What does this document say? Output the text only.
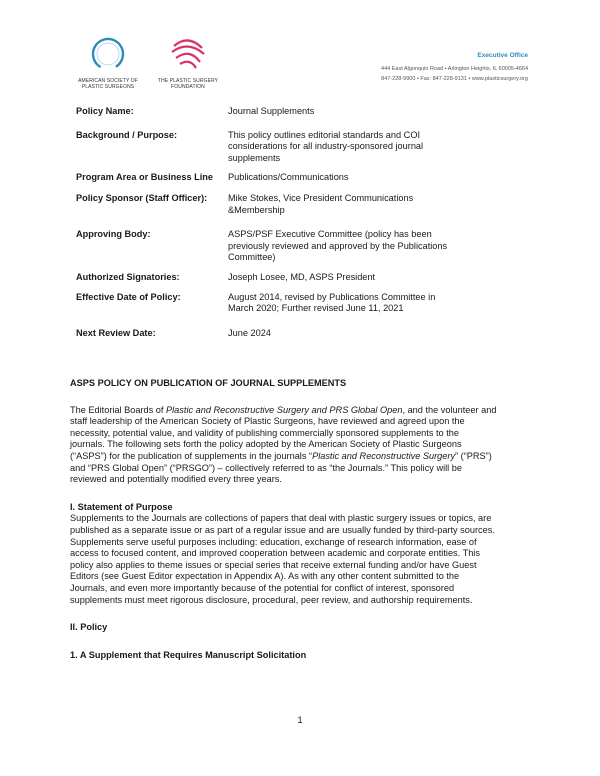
AMERICAN SOCIETY OF PLASTIC SURGEONS
THE PLASTIC SURGERY FOUNDATION
Executive Office
444 East Algonquin Road • Arlington Heights, IL 60005-4664
847-228-9900 • Fax: 847-228-9131 • www.plasticsurgery.org
Policy Name:	Journal Supplements
Background / Purpose:	This policy outlines editorial standards and COI
considerations for all industry-sponsored journal
supplements
Program Area or Business Line	Publications/Communications
Policy Sponsor (Staff Officer):	Mike Stokes, Vice President Communications
&Membership
Approving Body:	ASPS/PSF Executive Committee (policy has been
previously reviewed and approved by the Publications
Committee)
Authorized Signatories:	Joseph Losee, MD, ASPS President
Effective Date of Policy:	August 2014, revised by Publications Committee in
March 2020; Further revised June 11, 2021
Next Review Date:	June 2024
ASPS POLICY ON PUBLICATION OF JOURNAL SUPPLEMENTS
The Editorial Boards of Plastic and Reconstructive Surgery and PRS Global Open, and the volunteer and
staff leadership of the American Society of Plastic Surgeons, have reviewed and agreed upon the
necessity, potential value, and validity of publishing commercially sponsored supplements to the
journals. The following sets forth the policy adopted by the American Society of Plastic Surgeons
(“ASPS”) for the publication of supplements in the journals “Plastic and Reconstructive Surgery” (“PRS”)
and “PRS Global Open” (“PRSGO”) – collectively referred to as “the Journals.” This policy will be
reviewed and potentially modified every three years.
I. Statement of Purpose
Supplements to the Journals are collections of papers that deal with plastic surgery issues or topics, are
published as a separate issue or as part of a regular issue and are usually funded by third-party sources.
Supplements serve useful purposes including: education, exchange of research information, ease of
access to focused content, and improved cooperation between academic and corporate entities. This
policy also applies to theme issues or special series that receive external funding and/or have Guest
Editors (see Guest Editor expectation in Appendix A). As with any other content submitted to the
Journals, and even more importantly because of the potential for conflict of interest, sponsored
supplements must meet rigorous disclosure, procedural, peer review, and authorship requirements.
II. Policy
1. A Supplement that Requires Manuscript Solicitation
1
